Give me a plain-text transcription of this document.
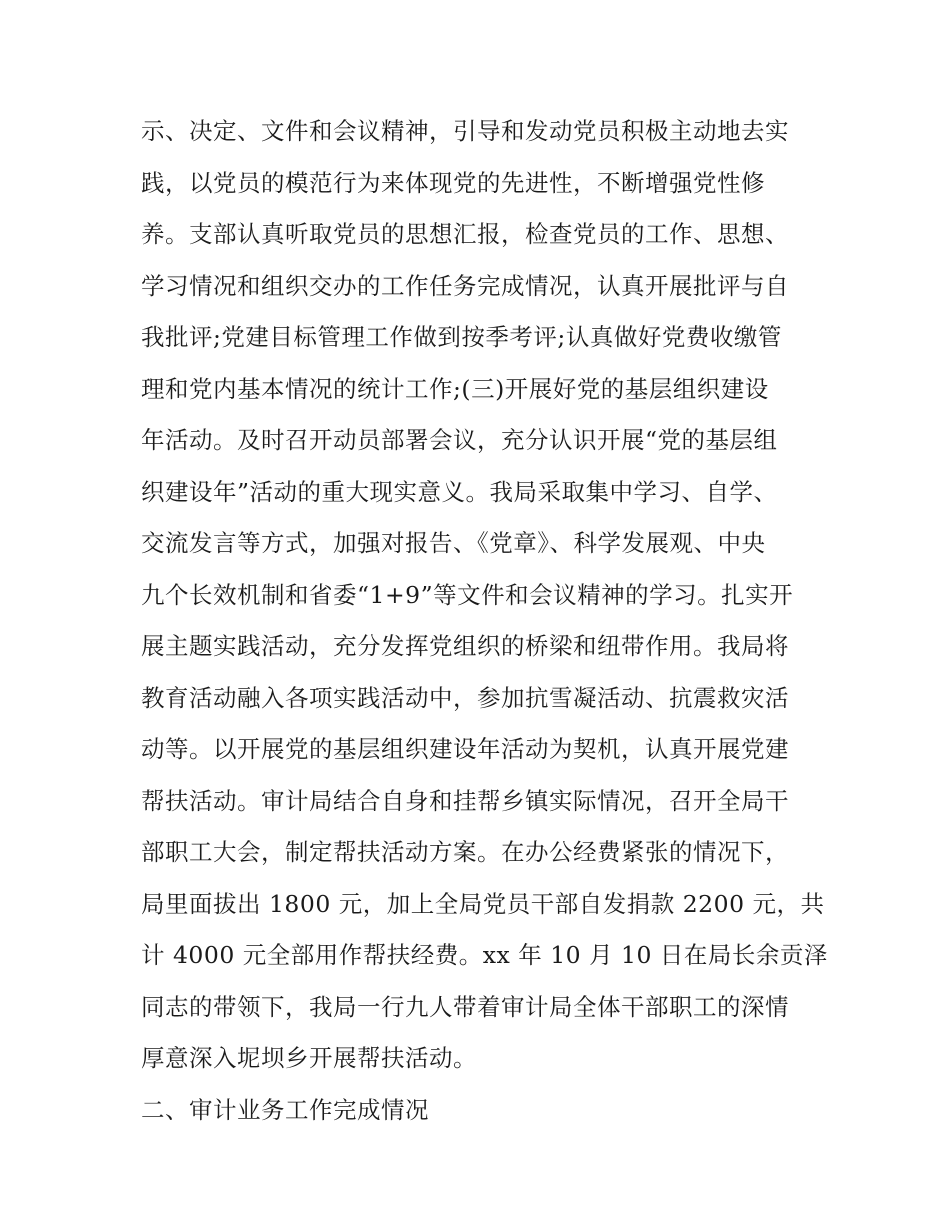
示、决定、文件和会议精神，引导和发动党员积极主动地去实
践，以党员的模范行为来体现党的先进性，不断增强党性修
养。支部认真听取党员的思想汇报，检查党员的工作、思想、
学习情况和组织交办的工作任务完成情况，认真开展批评与自
我批评;党建目标管理工作做到按季考评;认真做好党费收缴管
理和党内基本情况的统计工作;(三)开展好党的基层组织建设
年活动。及时召开动员部署会议，充分认识开展“党的基层组
织建设年”活动的重大现实意义。我局采取集中学习、自学、
交流发言等方式，加强对报告、《党章》、科学发展观、中央
九个长效机制和省委“1+9”等文件和会议精神的学习。扎实开
展主题实践活动，充分发挥党组织的桥梁和纽带作用。我局将
教育活动融入各项实践活动中，参加抗雪凝活动、抗震救灾活
动等。以开展党的基层组织建设年活动为契机，认真开展党建
帮扶活动。审计局结合自身和挂帮乡镇实际情况，召开全局干
部职工大会，制定帮扶活动方案。在办公经费紧张的情况下，
局里面拔出 1800 元，加上全局党员干部自发捐款 2200 元，共
计 4000 元全部用作帮扶经费。xx 年 10 月 10 日在局长余贡泽
同志的带领下，我局一行九人带着审计局全体干部职工的深情
厚意深入坭坝乡开展帮扶活动。
二、审计业务工作完成情况
